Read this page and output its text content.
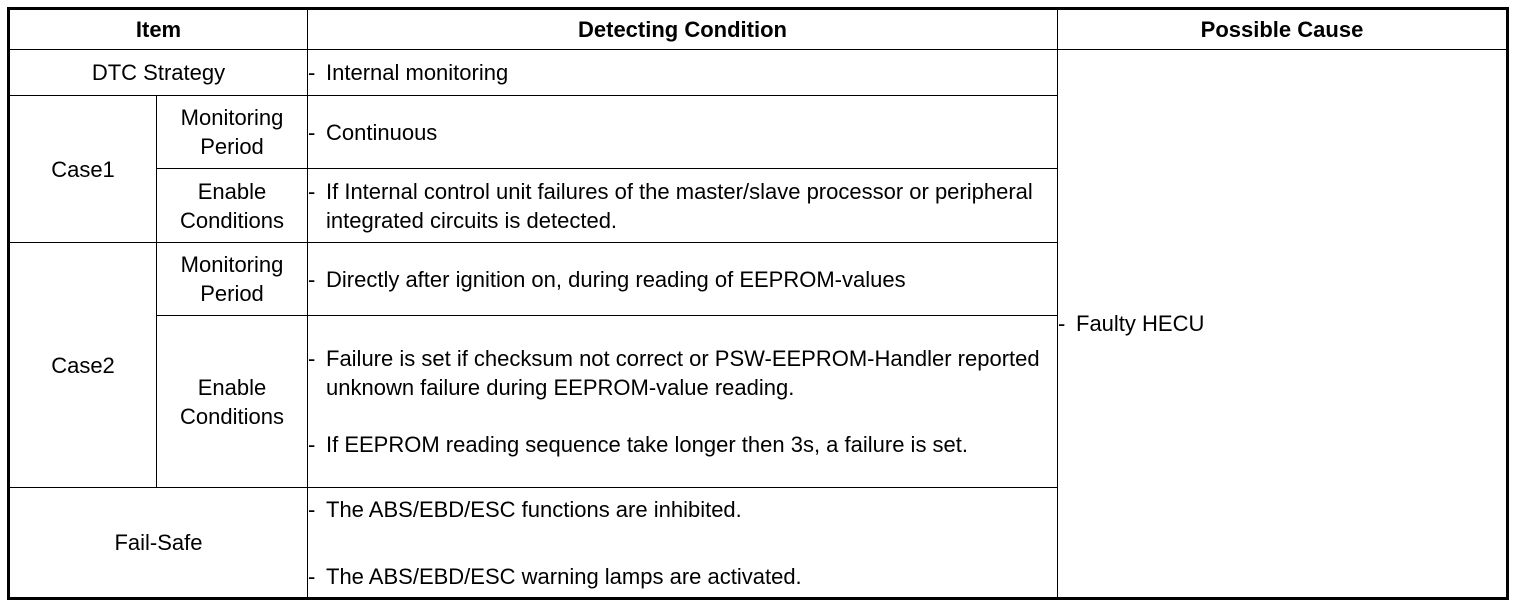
Item		Detecting Condition	Possible Cause
DTC Strategy		- Internal monitoring	- Faulty HECU

Case1	Monitoring Period	- Continuous	

	Enable Conditions	- If Internal control unit failures of the master/slave processor or peripheral integrated circuits is detected.	

Case2	Monitoring Period	- Directly after ignition on, during reading of EEPROM-values	

	Enable Conditions	- Failure is set if checksum not correct or PSW-EEPROM-Handler reported unknown failure during EEPROM-value reading.
- If EEPROM reading sequence take longer then 3s, a failure is set.	

Fail-Safe		- The ABS/EBD/ESC functions are inhibited.
- The ABS/EBD/ESC warning lamps are activated.	
